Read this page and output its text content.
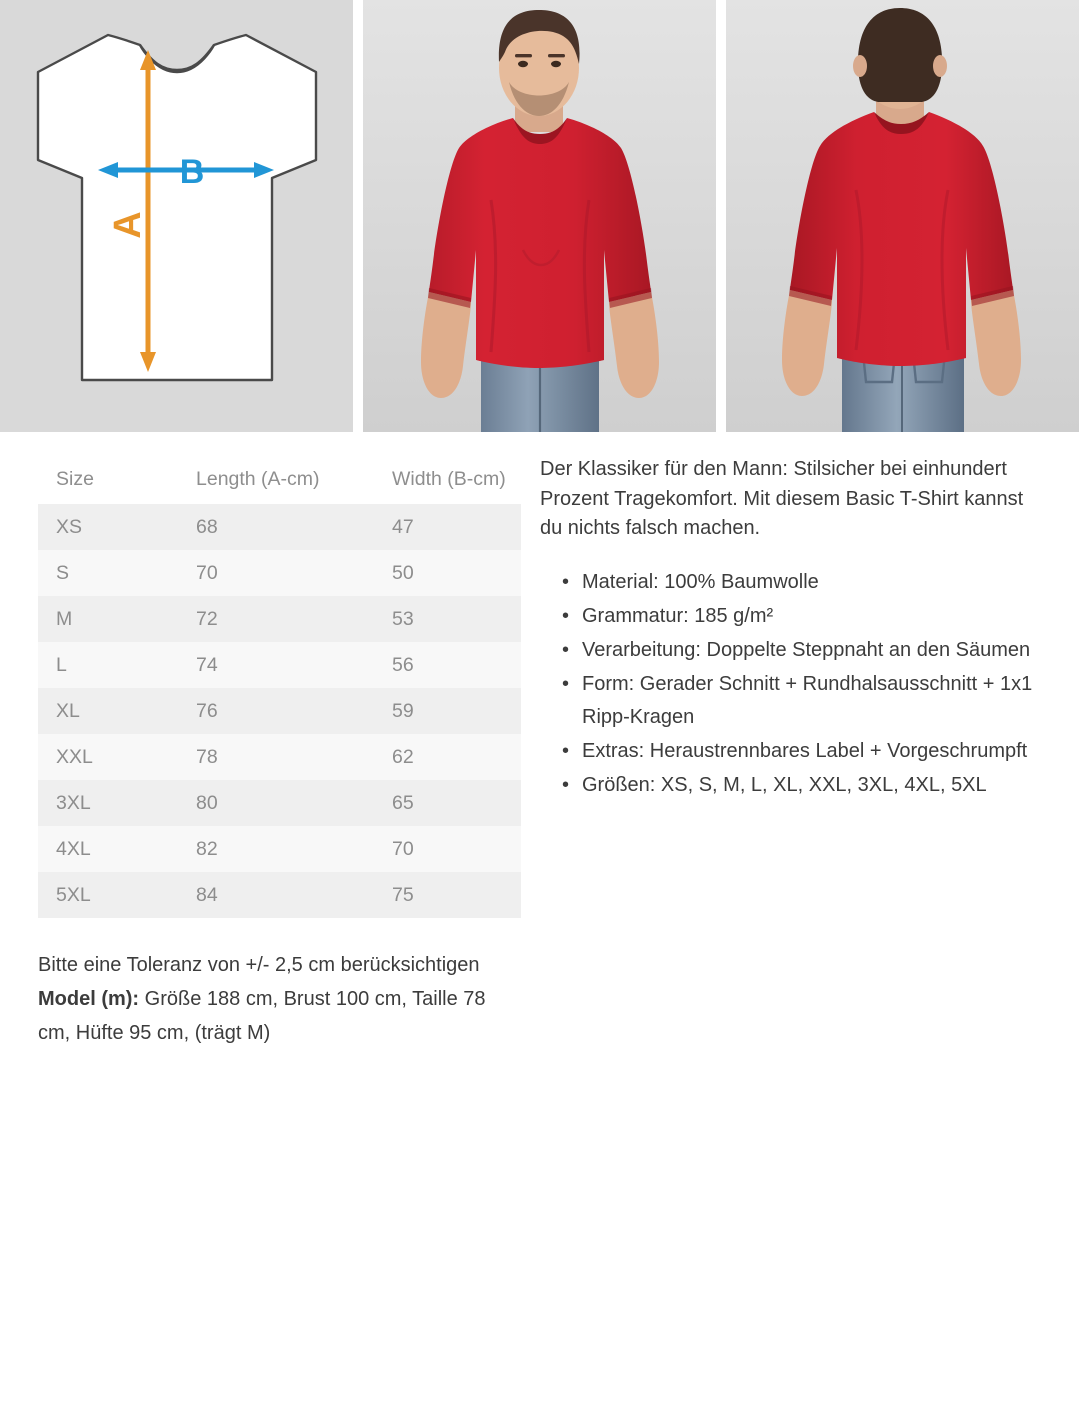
A
B
Size	Length (A-cm)	Width (B-cm)
XS	68	47
S	70	50
M	72	53
L	74	56
XL	76	59
XXL	78	62
3XL	80	65
4XL	82	70
5XL	84	75
Bitte eine Toleranz von +/- 2,5 cm berücksichtigen
Model (m): Größe 188 cm, Brust 100 cm, Taille 78 cm, Hüfte 95 cm, (trägt M)

Der Klassiker für den Mann: Stilsicher bei einhundert Prozent Tragekomfort. Mit diesem Basic T-Shirt kannst du nichts falsch machen.

• Material: 100% Baumwolle
• Grammatur: 185 g/m²
• Verarbeitung: Doppelte Steppnaht an den Säumen
• Form: Gerader Schnitt + Rundhalsausschnitt + 1x1 Ripp-Kragen
• Extras: Heraustrennbares Label + Vorgeschrumpft
• Größen: XS, S, M, L, XL, XXL, 3XL, 4XL, 5XL
